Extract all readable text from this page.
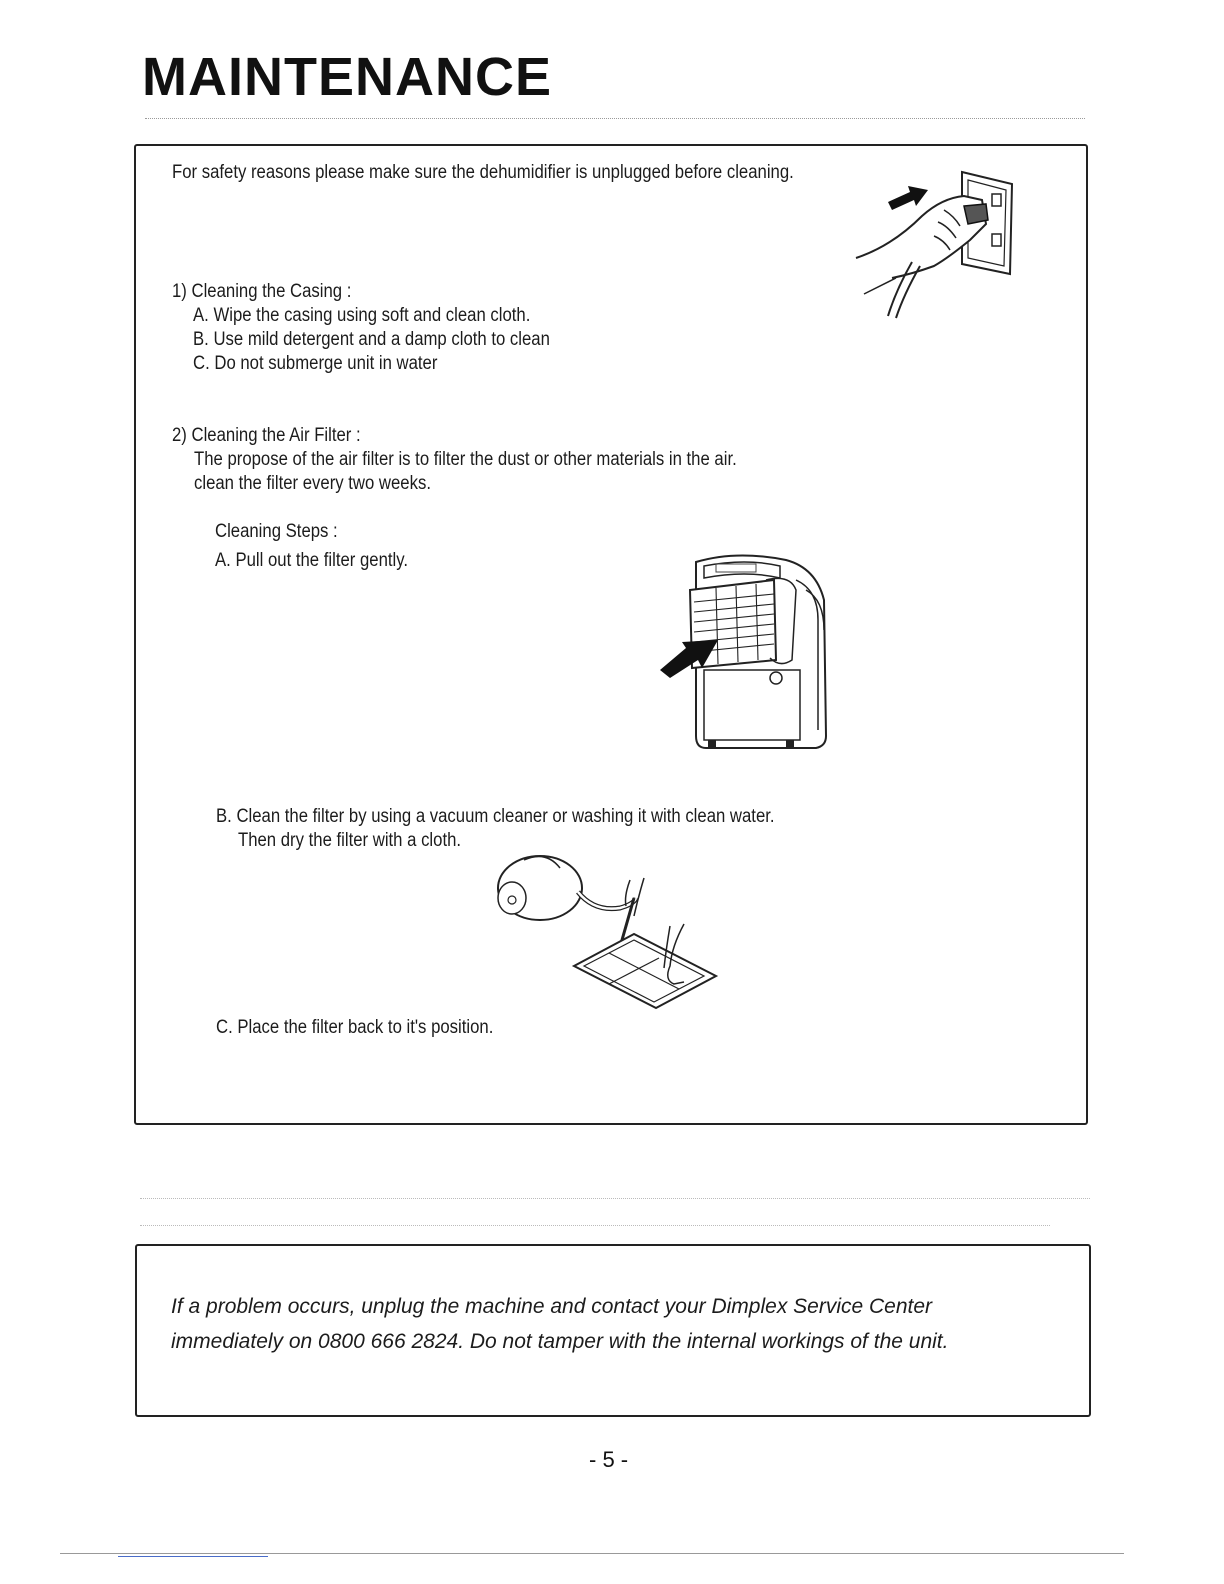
MAINTENANCE
For safety reasons please make sure the dehumidifier is unplugged before cleaning.
1) Cleaning the Casing :
A. Wipe the casing using soft and clean cloth.
B. Use mild detergent and a damp cloth to clean
C. Do not submerge unit in water
2) Cleaning the Air Filter :
The propose of the air filter is to filter the dust or other materials in the air.
clean the filter every two weeks.
Cleaning Steps :
A. Pull out the filter gently.
B. Clean the filter by using a vacuum cleaner or washing it with clean water.
Then dry the filter with a cloth.
C. Place the filter back to it's position.
If a problem occurs, unplug the machine and contact your Dimplex Service Center
immediately on 0800 666 2824. Do not tamper with the internal workings of the unit.
- 5 -
